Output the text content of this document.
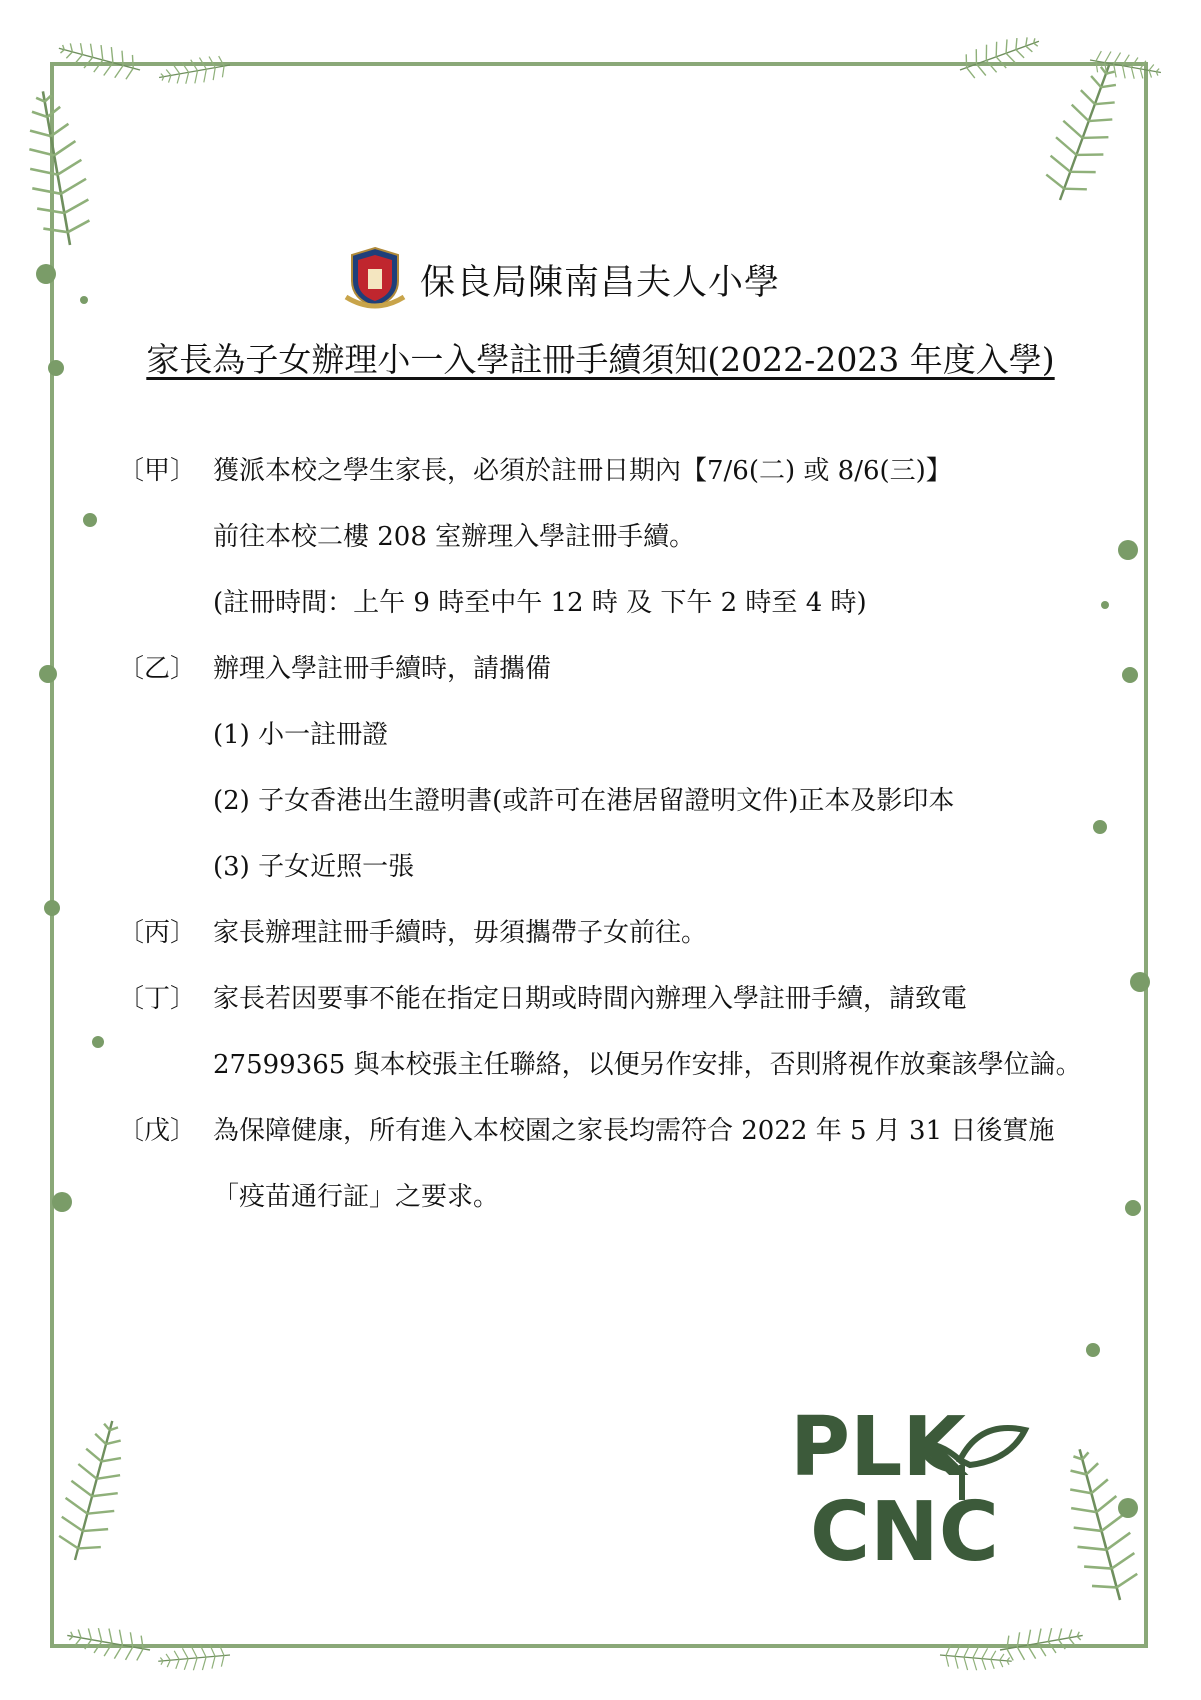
保良局陳南昌夫人小學
家長為子女辦理小一入學註冊手續須知(2022-2023 年度入學)
〔甲〕 獲派本校之學生家長，必須於註冊日期內【7/6(二) 或 8/6(三)】
前往本校二樓 208 室辦理入學註冊手續。
(註冊時間：上午 9 時至中午 12 時 及 下午 2 時至 4 時)
〔乙〕 辦理入學註冊手續時，請攜備
(1) 小一註冊證
(2) 子女香港出生證明書(或許可在港居留證明文件)正本及影印本
(3) 子女近照一張
〔丙〕 家長辦理註冊手續時，毋須攜帶子女前往。
〔丁〕 家長若因要事不能在指定日期或時間內辦理入學註冊手續，請致電
27599365 與本校張主任聯絡，以便另作安排，否則將視作放棄該學位論。
〔戊〕 為保障健康，所有進入本校園之家長均需符合 2022 年 5 月 31 日後實施
「疫苗通行証」之要求。
PLK
CNC
